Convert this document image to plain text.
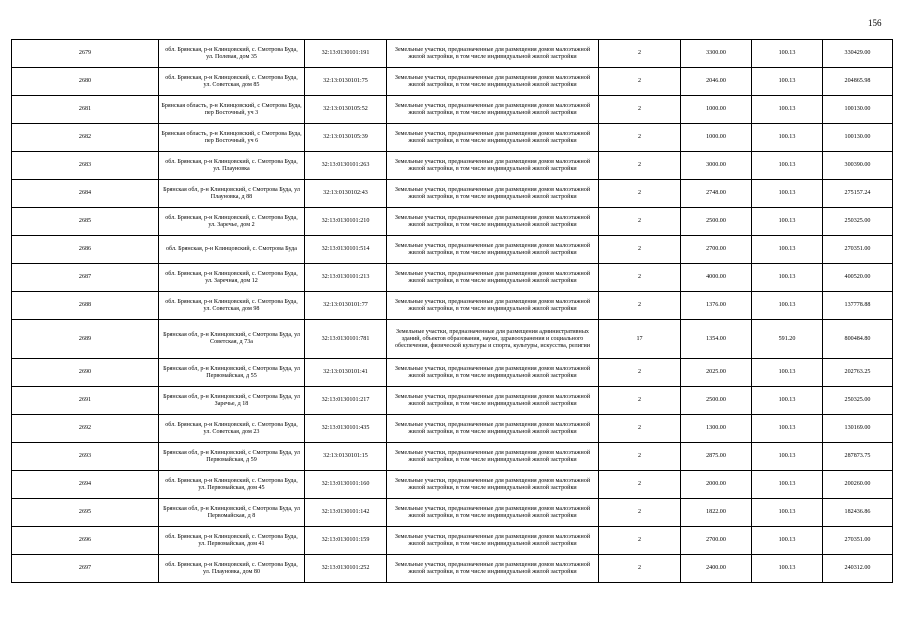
156
2679	обл. Брянская, р-н Клинцовский, с. Смотрова Буда, ул. Полевая, дом 35	32:13:0130101:191	Земельные участки, предназначенные для размещения домов малоэтажной жилой застройки, в том числе индивидуальной жилой застройки	2	3300.00	100.13	330429.00
2680	обл. Брянская, р-н Клинцовский, с. Смотрова Буда, ул. Советская, дом 85	32:13:0130101:75	Земельные участки, предназначенные для размещения домов малоэтажной жилой застройки, в том числе индивидуальной жилой застройки	2	2046.00	100.13	204865.98
2681	Брянская область, р-н Клинцовский, с Смотрова Буда, пер Восточный, уч 3	32:13:0130105:52	Земельные участки, предназначенные для размещения домов малоэтажной жилой застройки, в том числе индивидуальной жилой застройки	2	1000.00	100.13	100130.00
2682	Брянская область, р-н Клинцовский, с Смотрова Буда, пер Восточный, уч 6	32:13:0130105:39	Земельные участки, предназначенные для размещения домов малоэтажной жилой застройки, в том числе индивидуальной жилой застройки	2	1000.00	100.13	100130.00
2683	обл. Брянская, р-н Клинцовский, с. Смотрова Буда, ул. Плауновка	32:13:0130101:263	Земельные участки, предназначенные для размещения домов малоэтажной жилой застройки, в том числе индивидуальной жилой застройки	2	3000.00	100.13	300390.00
2684	Брянская обл, р-н Клинцовский, с Смотрова Буда, ул Плауновка, д 88	32:13:0130102:43	Земельные участки, предназначенные для размещения домов малоэтажной жилой застройки, в том числе индивидуальной жилой застройки	2	2748.00	100.13	275157.24
2685	обл. Брянская, р-н Клинцовский, с. Смотрова Буда, ул. Заречье, дом 2	32:13:0130101:210	Земельные участки, предназначенные для размещения домов малоэтажной жилой застройки, в том числе индивидуальной жилой застройки	2	2500.00	100.13	250325.00
2686	обл. Брянская, р-н Клинцовский, с. Смотрова Буда	32:13:0130101:514	Земельные участки, предназначенные для размещения домов малоэтажной жилой застройки, в том числе индивидуальной жилой застройки	2	2700.00	100.13	270351.00
2687	обл. Брянская, р-н Клинцовский, с. Смотрова Буда, ул. Заречная, дом 12	32:13:0130101:213	Земельные участки, предназначенные для размещения домов малоэтажной жилой застройки, в том числе индивидуальной жилой застройки	2	4000.00	100.13	400520.00
2688	обл. Брянская, р-н Клинцовский, с. Смотрова Буда, ул. Советская, дом 98	32:13:0130101:77	Земельные участки, предназначенные для размещения домов малоэтажной жилой застройки, в том числе индивидуальной жилой застройки	2	1376.00	100.13	137778.88
2689	Брянская обл, р-н Клинцовский, с Смотрова Буда, ул Советская, д 73а	32:13:0130101:781	Земельные участки, предназначенные для размещения административных зданий, объектов образования, науки, здравоохранения и социального обеспечения, физической культуры и спорта, культуры, искусства, религии	17	1354.00	591.20	800484.80
2690	Брянская обл, р-н Клинцовский, с Смотрова Буда, ул Первомайская, д 55	32:13:0130101:41	Земельные участки, предназначенные для размещения домов малоэтажной жилой застройки, в том числе индивидуальной жилой застройки	2	2025.00	100.13	202763.25
2691	Брянская обл, р-н Клинцовский, с Смотрова Буда, ул Заречье, д 18	32:13:0130101:217	Земельные участки, предназначенные для размещения домов малоэтажной жилой застройки, в том числе индивидуальной жилой застройки	2	2500.00	100.13	250325.00
2692	обл. Брянская, р-н Клинцовский, с. Смотрова Буда, ул. Советская, дом 23	32:13:0130101:435	Земельные участки, предназначенные для размещения домов малоэтажной жилой застройки, в том числе индивидуальной жилой застройки	2	1300.00	100.13	130169.00
2693	Брянская обл, р-н Клинцовский, с Смотрова Буда, ул Первомайская, д 59	32:13:0130101:15	Земельные участки, предназначенные для размещения домов малоэтажной жилой застройки, в том числе индивидуальной жилой застройки	2	2875.00	100.13	287873.75
2694	обл. Брянская, р-н Клинцовский, с. Смотрова Буда, ул. Первомайская, дом 45	32:13:0130101:160	Земельные участки, предназначенные для размещения домов малоэтажной жилой застройки, в том числе индивидуальной жилой застройки	2	2000.00	100.13	200260.00
2695	Брянская обл, р-н Клинцовский, с Смотрова Буда, ул Первомайская, д 8	32:13:0130101:142	Земельные участки, предназначенные для размещения домов малоэтажной жилой застройки, в том числе индивидуальной жилой застройки	2	1822.00	100.13	182436.86
2696	обл. Брянская, р-н Клинцовский, с. Смотрова Буда, ул. Первомайская, дом 41	32:13:0130101:159	Земельные участки, предназначенные для размещения домов малоэтажной жилой застройки, в том числе индивидуальной жилой застройки	2	2700.00	100.13	270351.00
2697	обл. Брянская, р-н Клинцовский, с. Смотрова Буда, ул. Плауновка, дом 80	32:13:0130101:252	Земельные участки, предназначенные для размещения домов малоэтажной жилой застройки, в том числе индивидуальной жилой застройки	2	2400.00	100.13	240312.00
